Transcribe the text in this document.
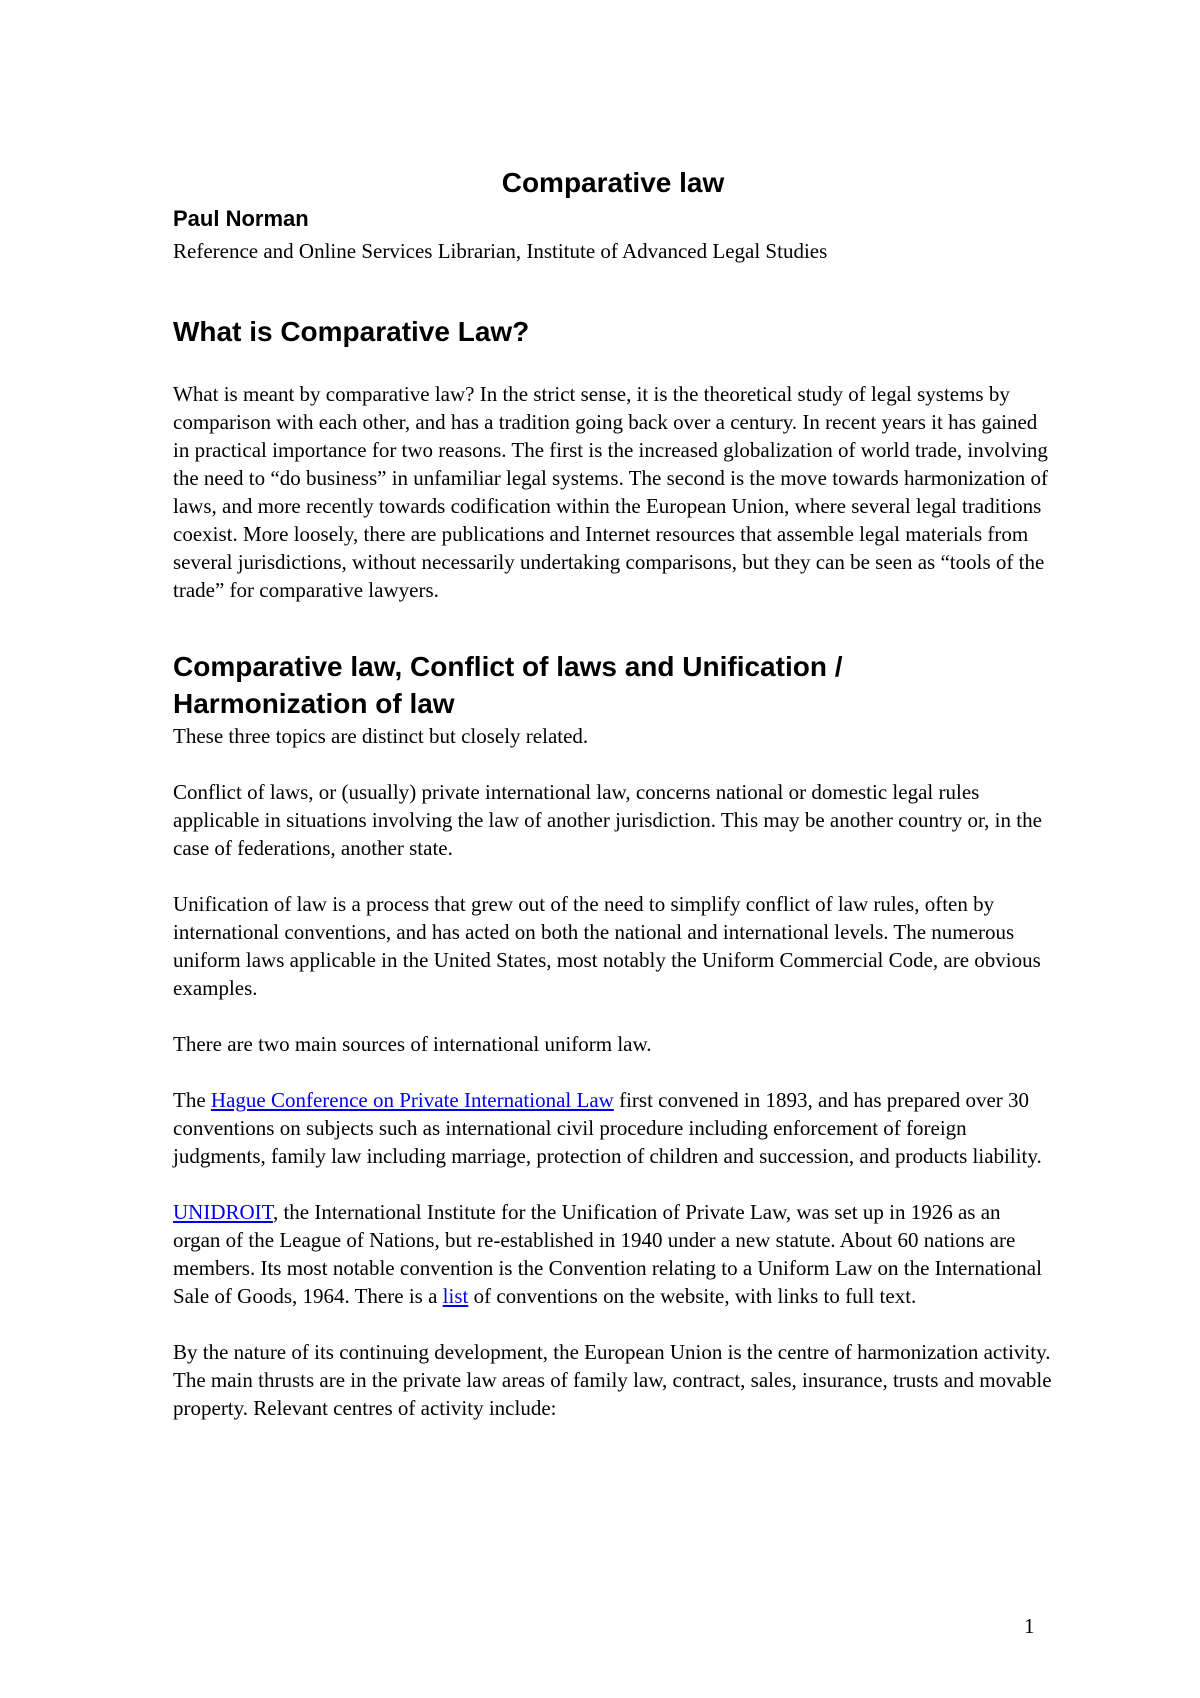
Comparative law
Paul Norman
Reference and Online Services Librarian, Institute of Advanced Legal Studies
What is Comparative Law?

What is meant by comparative law? In the strict sense, it is the theoretical study of legal systems by comparison with each other, and has a tradition going back over a century. In recent years it has gained in practical importance for two reasons. The first is the increased globalization of world trade, involving the need to “do business” in unfamiliar legal systems. The second is the move towards harmonization of laws, and more recently towards codification within the European Union, where several legal traditions coexist. More loosely, there are publications and Internet resources that assemble legal materials from several jurisdictions, without necessarily undertaking comparisons, but they can be seen as “tools of the trade” for comparative lawyers.

Comparative law, Conflict of laws and Unification / Harmonization of law

These three topics are distinct but closely related.

Conflict of laws, or (usually) private international law, concerns national or domestic legal rules applicable in situations involving the law of another jurisdiction. This may be another country or, in the case of federations, another state.

Unification of law is a process that grew out of the need to simplify conflict of law rules, often by international conventions, and has acted on both the national and international levels. The numerous uniform laws applicable in the United States, most notably the Uniform Commercial Code, are obvious examples.

There are two main sources of international uniform law.

The Hague Conference on Private International Law first convened in 1893, and has prepared over 30 conventions on subjects such as international civil procedure including enforcement of foreign judgments, family law including marriage, protection of children and succession, and products liability.

UNIDROIT, the International Institute for the Unification of Private Law, was set up in 1926 as an organ of the League of Nations, but re-established in 1940 under a new statute. About 60 nations are members. Its most notable convention is the Convention relating to a Uniform Law on the International Sale of Goods, 1964. There is a list of conventions on the website, with links to full text.

By the nature of its continuing development, the European Union is the centre of harmonization activity. The main thrusts are in the private law areas of family law, contract, sales, insurance, trusts and movable property. Relevant centres of activity include:

1
